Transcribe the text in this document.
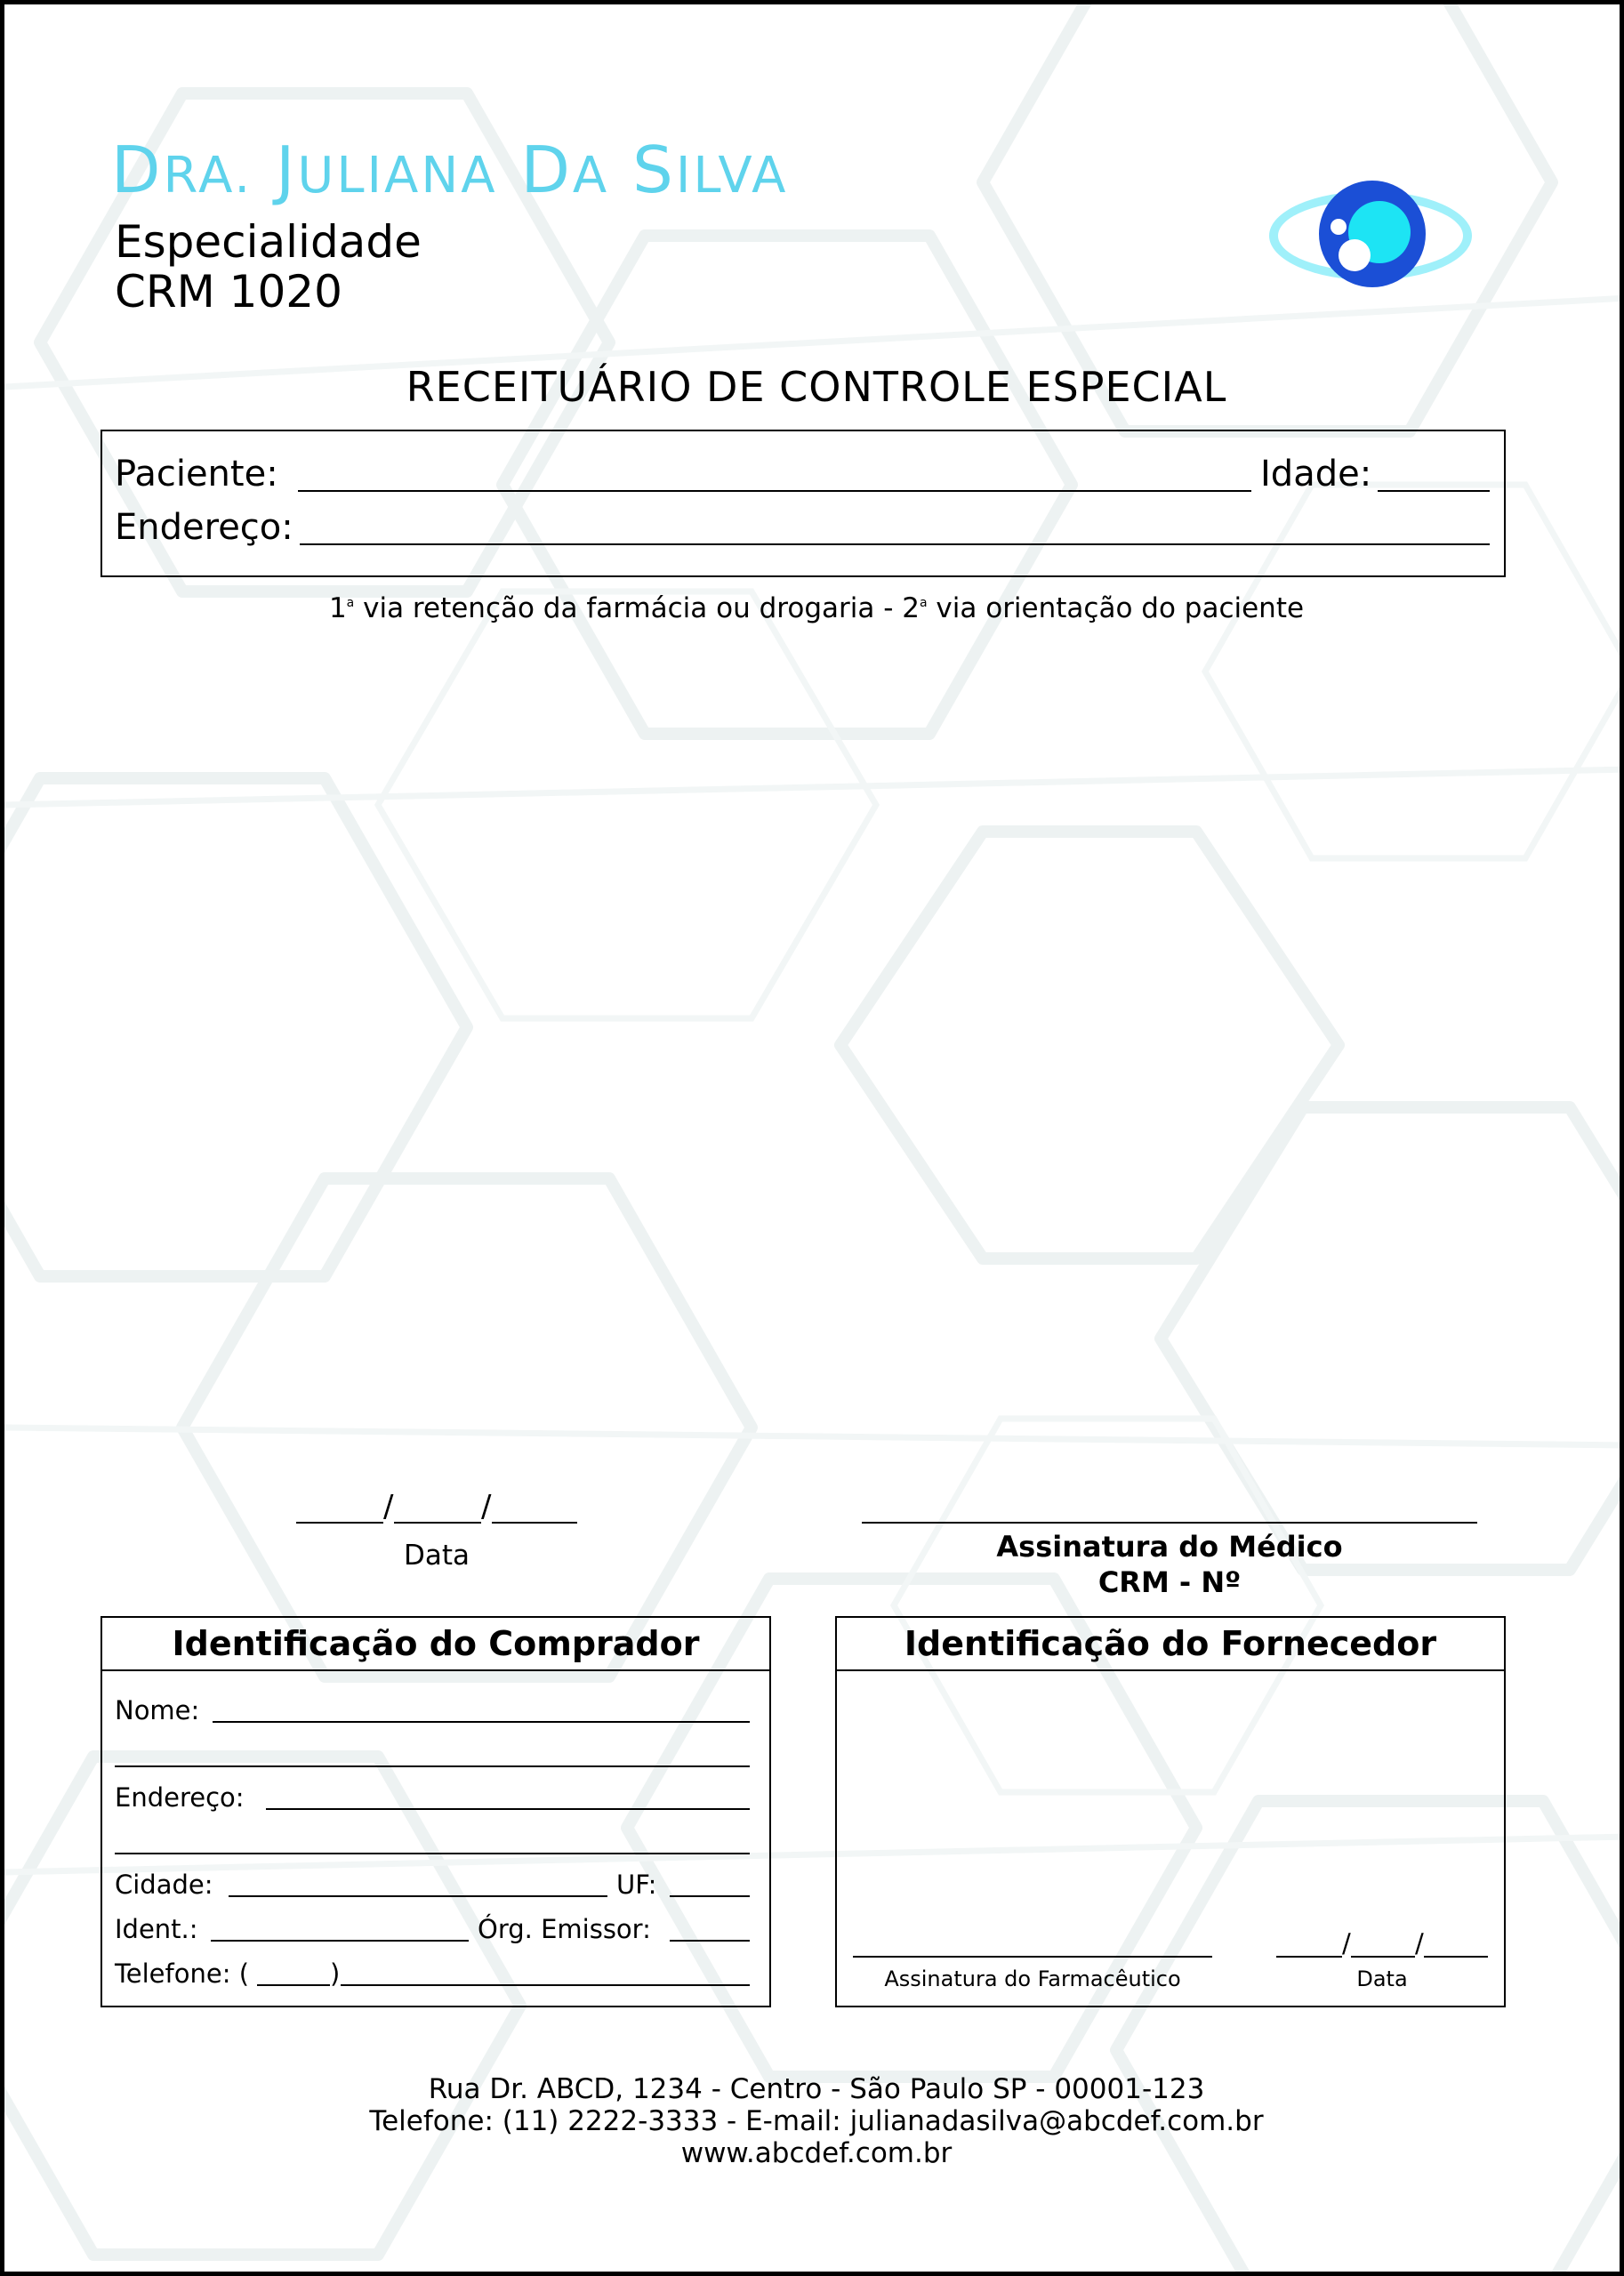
DRA. JULIANA DA SILVA
Especialidade
CRM 1020
RECEITUÁRIO DE CONTROLE ESPECIAL
Paciente:	Idade:
Endereço:
1$^a$ via retenção da farmácia ou drogaria - 2$^a$ via orientação do paciente
/	/
Data	Assinatura do Médico
CRM - Nº
Identificação do Comprador
Nome:
Endereço:
Cidade:	UF:
Ident.:	Órg. Emissor:
Telefone: (	)
Identificação do Fornecedor
Assinatura do Farmacêutico
/ /
Data
Rua Dr. ABCD, 1234 - Centro - São Paulo SP - 00001-123
Telefone: (11) 2222-3333 - E-mail: julianadasilva@abcdef.com.br
www.abcdef.com.br
